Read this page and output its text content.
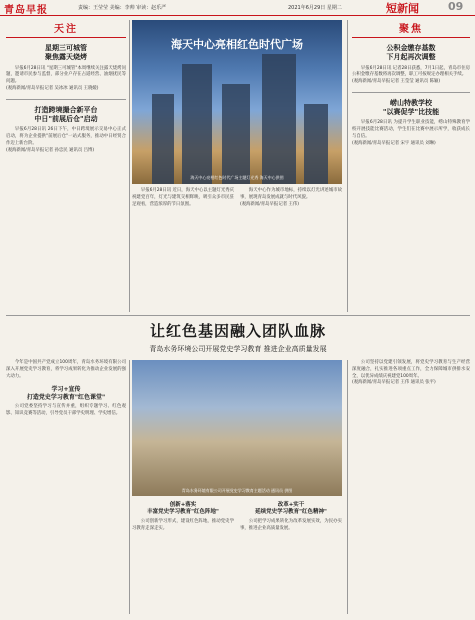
青岛早报	责编：王莹莹 美编：李帅 审读：赵乐严	2021年6月29日 星期二	短新闻	09
天注
星期三可城管
聚焦露天烧烤
早报6月28日讯 "星期三可城管"本周继续关注露天烧烤问题，邀请市民参与监督，部分业户存在占道经营、油烟扰民等问题。
(观海新闻/青岛早报记者 吴冰冰 通讯员 王晓媛)
打造跨境撮合新平台
中日"前展后仓"启动
早报6月28日讯 26日下午，中日跨境展示交易中心正式启动，将为企业提供"前展后仓"一站式服务，推动中日经贸合作迈上新台阶。
(观海新闻/青岛早报记者 孙忠民 通讯员 吕博)
海天中心亮相红色时代广场
海天中心亮相红色时代广场主题灯光秀 海天中心供图
早报6月28日讯 近日，海天中心以主题灯光秀庆祝建党百年，灯光与建筑交相辉映，吸引众多市民驻足观看，营造浓厚的节日氛围。
海天中心作为城市地标，持续以灯光讲述城市故事，展现青岛发展成就与时代风貌。
(观海新闻/青岛早报记者 王伟)
聚焦
公积金缴存基数
下月起再次调整
早报6月28日讯 记者28日获悉，7月1日起，青岛市住房公积金缴存基数将再次调整，职工可按规定办理相关手续。
(观海新闻/青岛早报记者 王莹莹 通讯员 陈颖)
崂山特教学校
"以赛促学"比技能
早报6月28日讯 为提升学生职业技能，崂山特殊教育学校开展技能比赛活动，学生们在比赛中展示所学，收获成长与自信。
(观海新闻/青岛早报记者 宋宇 通讯员 刘琳)
让红色基因融入团队血脉
青岛水务环境公司开展党史学习教育 推进企业高质量发展
今年是中国共产党成立100周年，青岛水务环境有限公司深入开展党史学习教育，将学习成果转化为推动企业发展的强大动力。
学习+宣传
打造党史学习教育"红色课堂"
公司党委坚持学习与宣传并重，组织专题学习、红色观影、知识竞赛等活动，引导党员干部学史明理、学史增信。
青岛水务环境有限公司开展党史学习教育主题活动 通讯员 供图
创新+落实
丰富党史学习教育"红色阵地"
公司创新学习形式，建设红色阵地，推动党史学习教育走深走实。
改革+实干
延续党史学习教育"红色精神"
公司把学习成果转化为改革发展实效，为民办实事，推进企业高质量发展。
公司坚持以党建引领发展，将党史学习教育与生产经营深度融合，扎实推进各项重点工作，全力保障城市供排水安全，以优异成绩庆祝建党100周年。
(观海新闻/青岛早报记者 王伟 通讯员 张平)
